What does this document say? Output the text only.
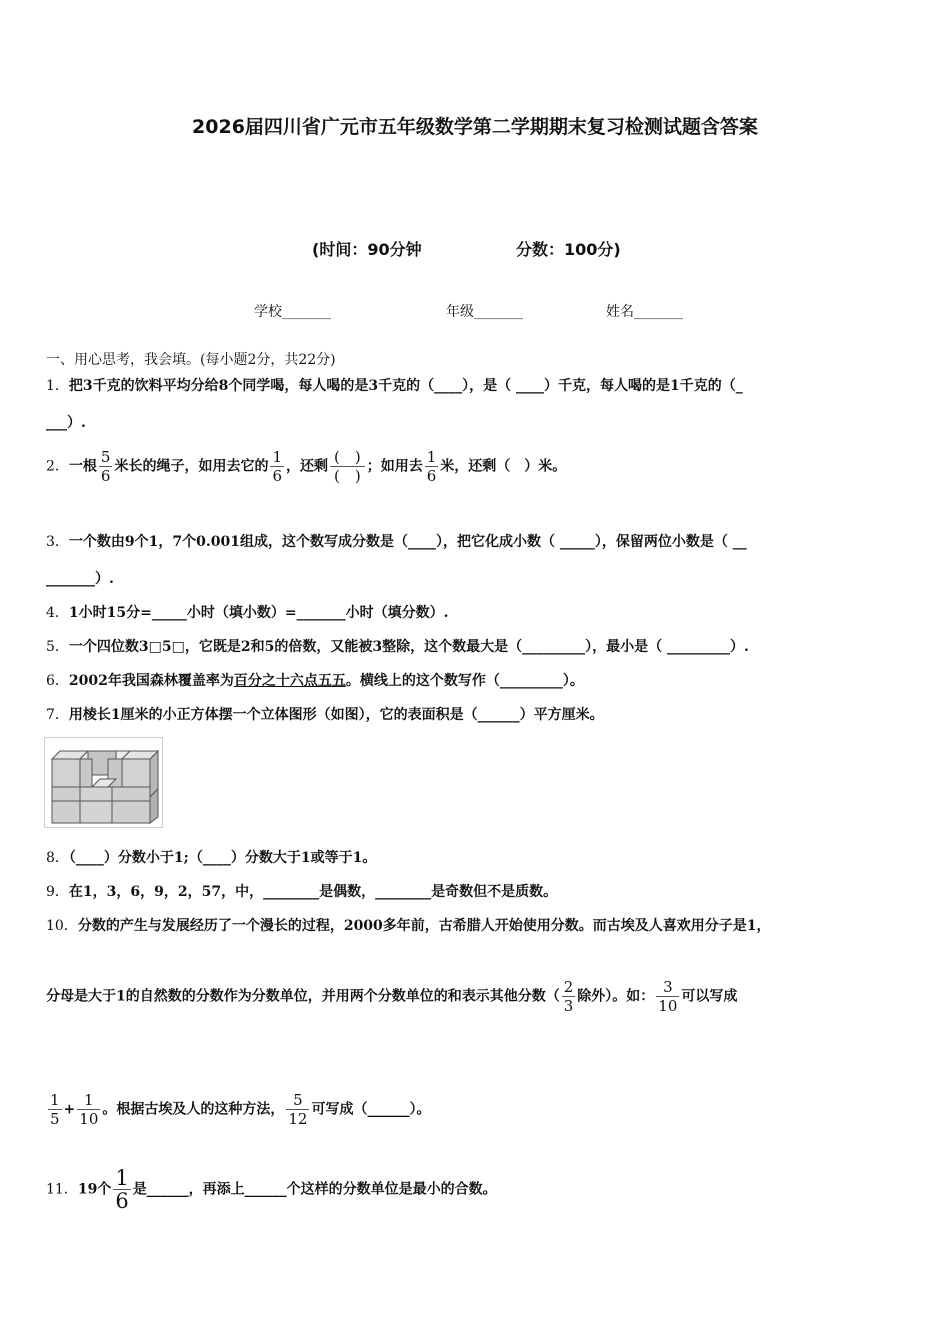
2026届四川省广元市五年级数学第二学期期末复习检测试题含答案
(时间：90分钟	分数：100分)
学校_______	年级_______	姓名_______
一、用心思考，我会填。(每小题2分，共22分)
1．把3千克的饮料平均分给8个同学喝，每人喝的是3千克的（____），是（ ____）千克，每人喝的是1千克的（_
___）.
2．一根 $\frac{5}{6}$ 米长的绳子，如用去它的 $\frac{1}{6}$ ，还剩 $\frac{( )}{( )}$ ；如用去 $\frac{1}{6}$ 米，还剩（　）米。
3．一个数由9个1，7个0.001组成，这个数写成分数是（____），把它化成小数（ _____），保留两位小数是（ __
_______）.
4．1小时15分=_____小时（填小数）=_______小时（填分数）.
5．一个四位数3□5□，它既是2和5的倍数，又能被3整除，这个数最大是（_________），最小是（ _________）.
6．2002年我国森林覆盖率为百分之十六点五五。横线上的这个数写作（_________）。
7．用棱长1厘米的小正方体摆一个立体图形（如图），它的表面积是（______）平方厘米。
8．（____）分数小于1;（____）分数大于1或等于1。
9．在1，3，6，9，2，57，中，________是偶数，________是奇数但不是质数。
10．分数的产生与发展经历了一个漫长的过程，2000多年前，古希腊人开始使用分数。而古埃及人喜欢用分子是1，
分母是大于1的自然数的分数作为分数单位，并用两个分数单位的和表示其他分数（ $\frac{2}{3}$ 除外）。如： $\frac{3}{10}$ 可以写成
$\frac{1}{5} + \frac{1}{10}$ 。根据古埃及人的这种方法， $\frac{5}{12}$ 可写成（______）。
11．19个 $\frac{1}{6}$ 是______，再添上______个这样的分数单位是最小的合数。
